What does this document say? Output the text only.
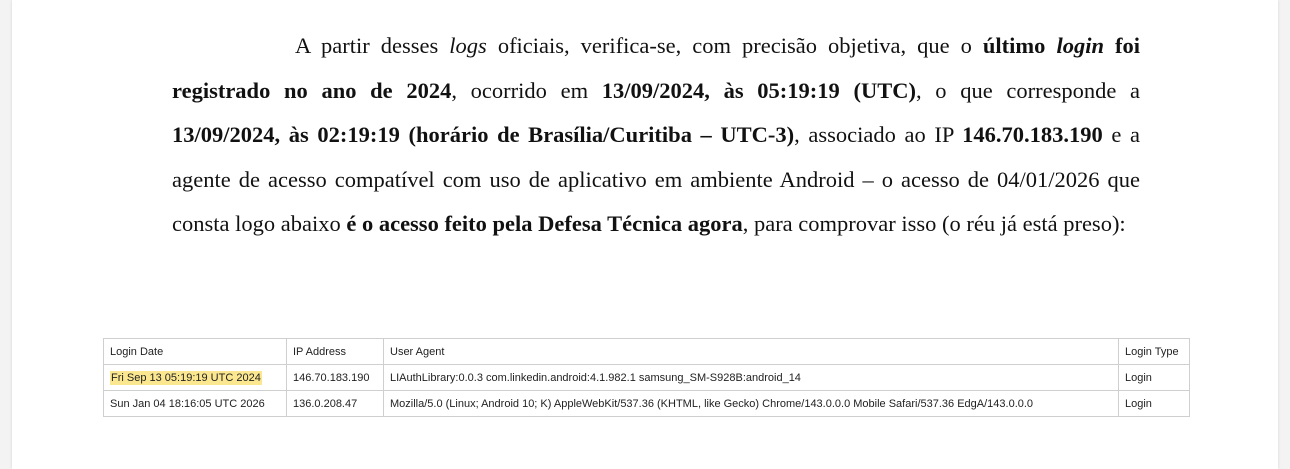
A partir desses logs oficiais, verifica-se, com precisão objetiva, que o último login foi registrado no ano de 2024, ocorrido em 13/09/2024, às 05:19:19 (UTC), o que corresponde a 13/09/2024, às 02:19:19 (horário de Brasília/Curitiba – UTC-3), associado ao IP 146.70.183.190 e a agente de acesso compatível com uso de aplicativo em ambiente Android – o acesso de 04/01/2026 que consta logo abaixo é o acesso feito pela Defesa Técnica agora, para comprovar isso (o réu já está preso):

Login Date	IP Address	User Agent	Login Type
Fri Sep 13 05:19:19 UTC 2024	146.70.183.190	LIAuthLibrary:0.0.3 com.linkedin.android:4.1.982.1 samsung_SM-S928B:android_14	Login
Sun Jan 04 18:16:05 UTC 2026	136.0.208.47	Mozilla/5.0 (Linux; Android 10; K) AppleWebKit/537.36 (KHTML, like Gecko) Chrome/143.0.0.0 Mobile Safari/537.36 EdgA/143.0.0.0	Login
